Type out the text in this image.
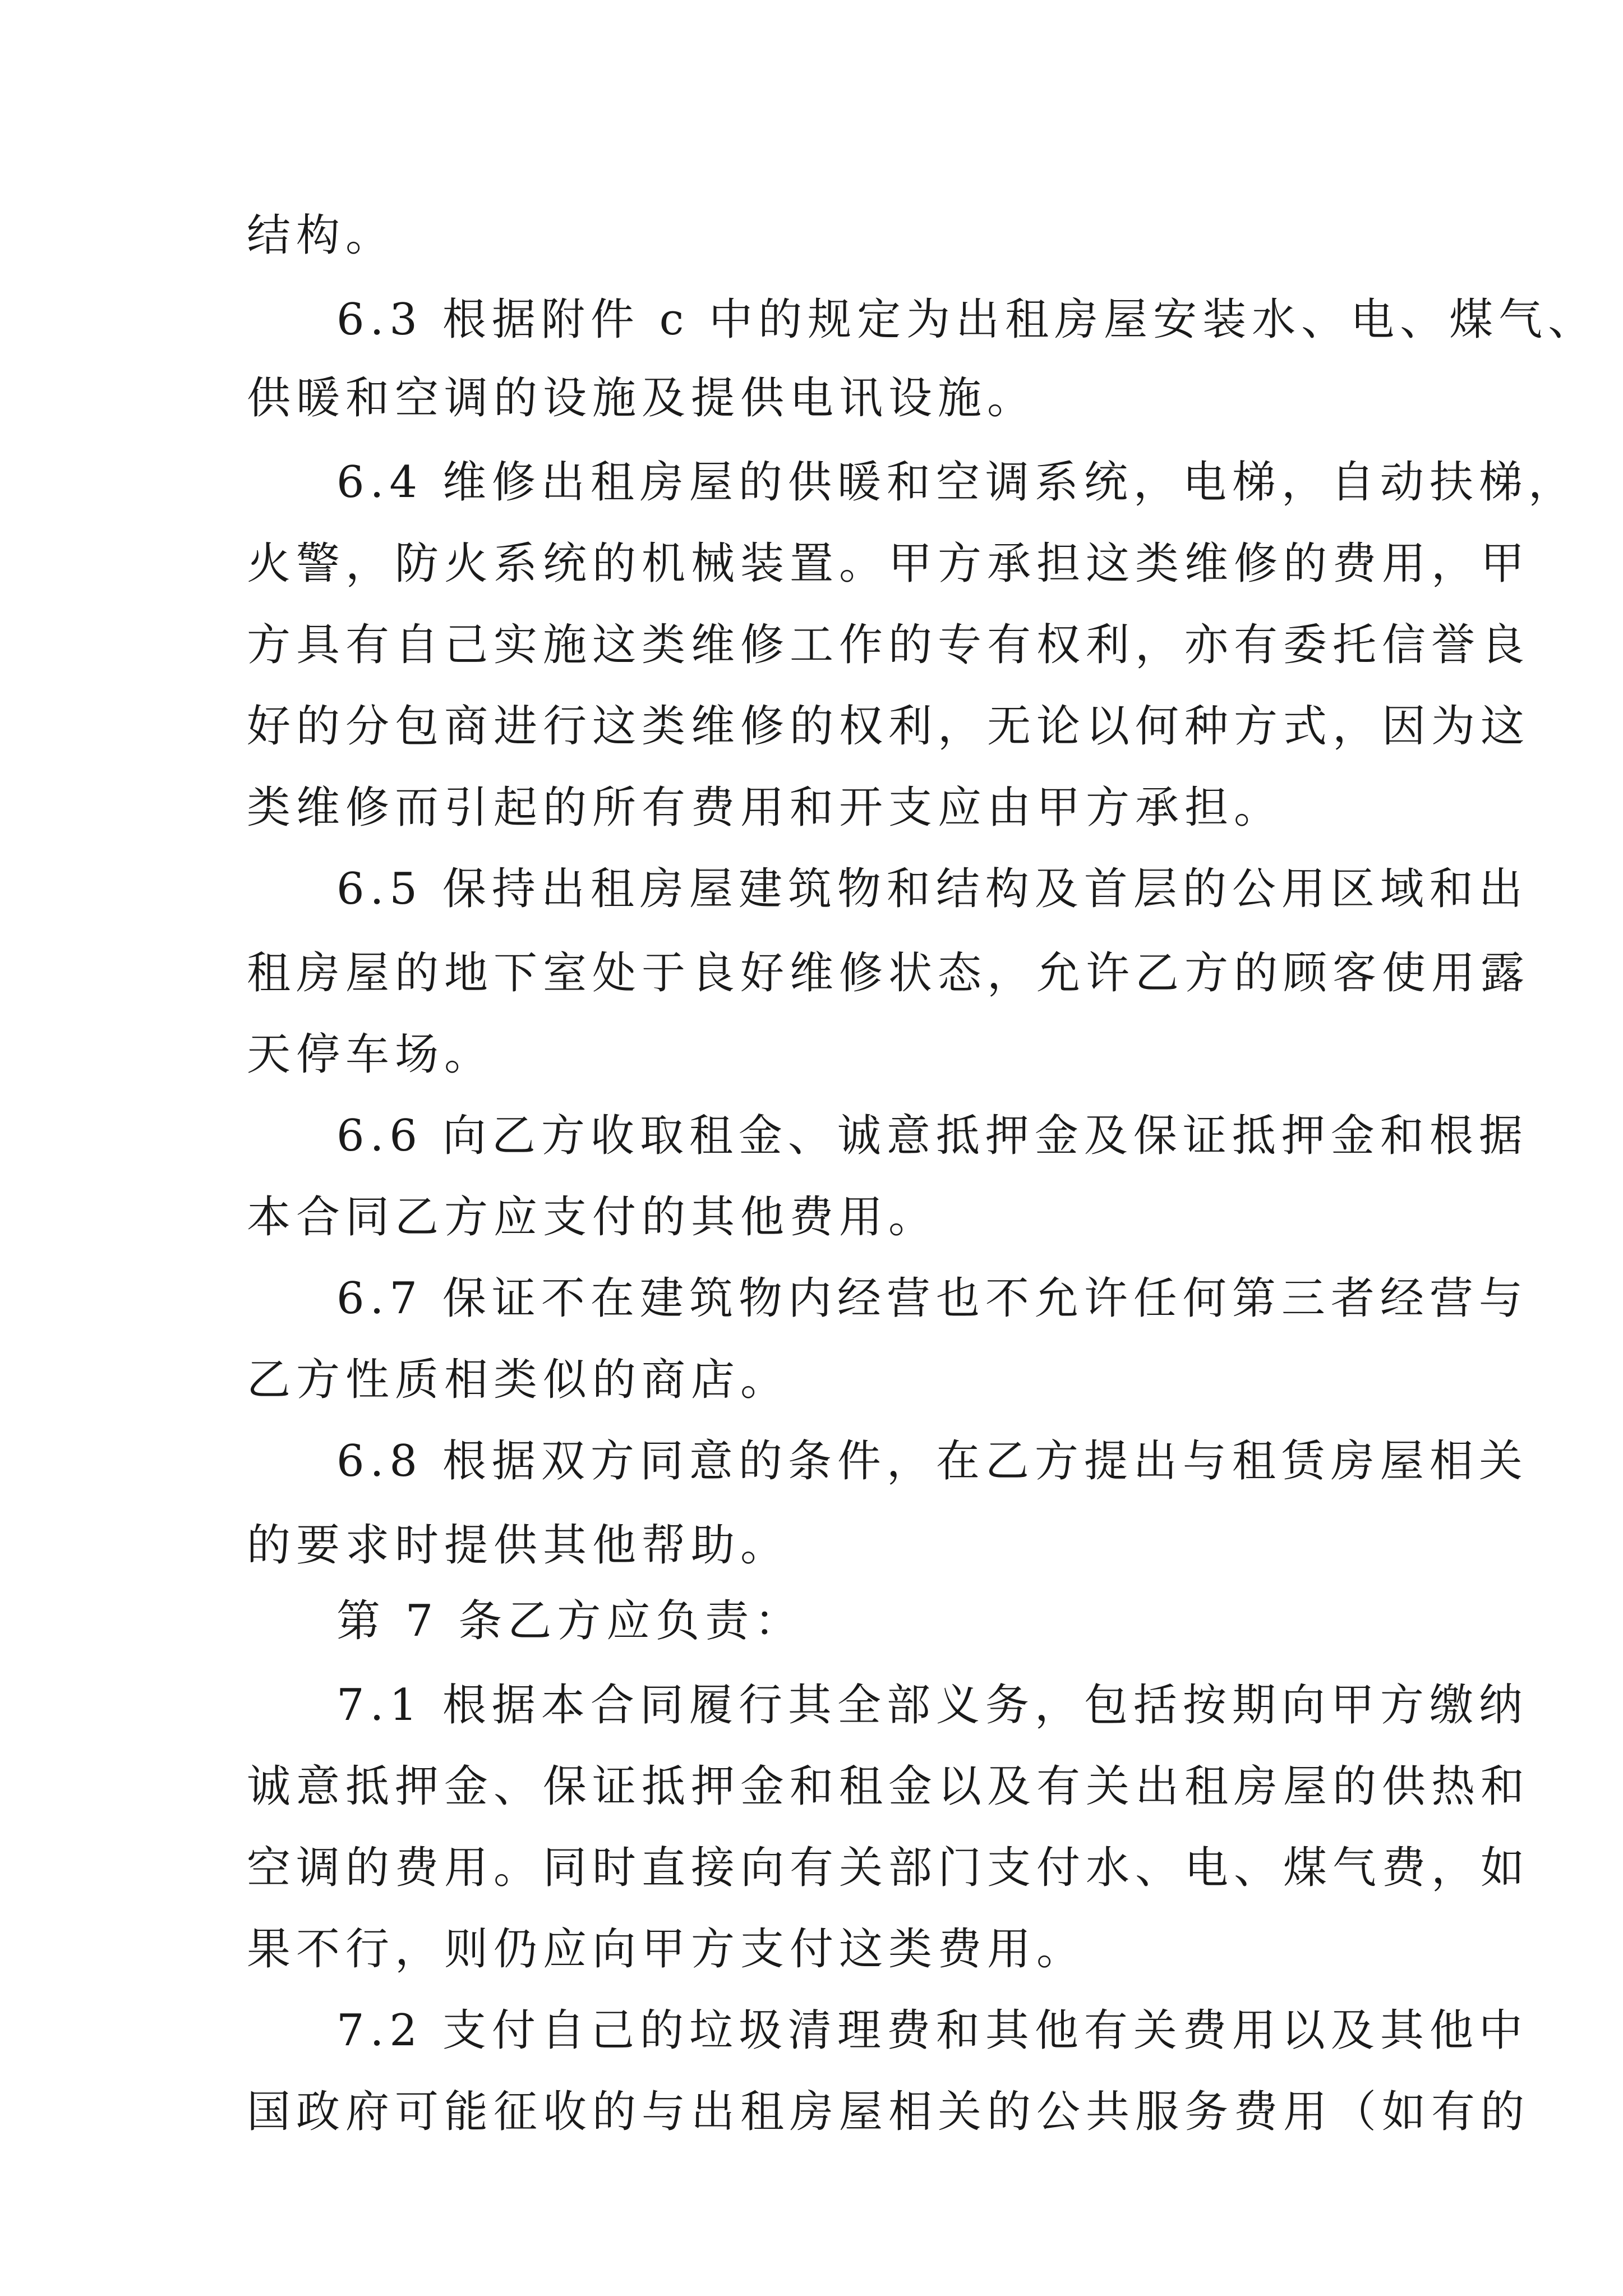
结构。
6.3 根据附件 c 中的规定为出租房屋安装水、电、煤气、
供暖和空调的设施及提供电讯设施。
6.4 维修出租房屋的供暖和空调系统，电梯，自动扶梯，
火警，防火系统的机械装置。甲方承担这类维修的费用，甲
方具有自己实施这类维修工作的专有权利，亦有委托信誉良
好的分包商进行这类维修的权利，无论以何种方式，因为这
类维修而引起的所有费用和开支应由甲方承担。
6.5 保持出租房屋建筑物和结构及首层的公用区域和出
租房屋的地下室处于良好维修状态，允许乙方的顾客使用露
天停车场。
6.6 向乙方收取租金、诚意抵押金及保证抵押金和根据
本合同乙方应支付的其他费用。
6.7 保证不在建筑物内经营也不允许任何第三者经营与
乙方性质相类似的商店。
6.8 根据双方同意的条件，在乙方提出与租赁房屋相关
的要求时提供其他帮助。
第 7 条乙方应负责：
7.1 根据本合同履行其全部义务，包括按期向甲方缴纳
诚意抵押金、保证抵押金和租金以及有关出租房屋的供热和
空调的费用。同时直接向有关部门支付水、电、煤气费，如
果不行，则仍应向甲方支付这类费用。
7.2 支付自己的垃圾清理费和其他有关费用以及其他中
国政府可能征收的与出租房屋相关的公共服务费用（如有的
